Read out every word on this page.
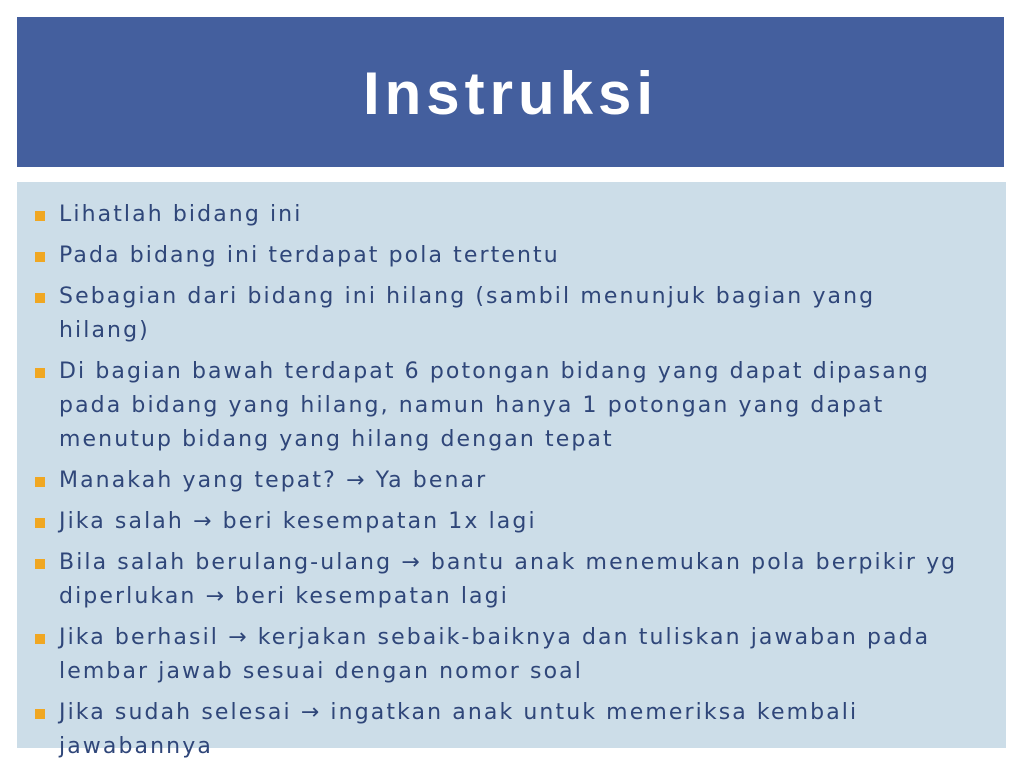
Instruksi
Lihatlah bidang ini
Pada bidang ini terdapat pola tertentu
Sebagian dari bidang ini hilang (sambil menunjuk bagian yang hilang)
Di bagian bawah terdapat 6 potongan bidang yang dapat dipasang pada bidang yang hilang, namun hanya 1 potongan yang dapat menutup bidang yang hilang dengan tepat
Manakah yang tepat? → Ya benar
Jika salah → beri kesempatan 1x lagi
Bila salah berulang-ulang → bantu anak menemukan pola berpikir yg diperlukan → beri kesempatan lagi
Jika berhasil → kerjakan sebaik-baiknya dan tuliskan jawaban pada lembar jawab sesuai dengan nomor soal
Jika sudah selesai → ingatkan anak untuk memeriksa kembali jawabannya
